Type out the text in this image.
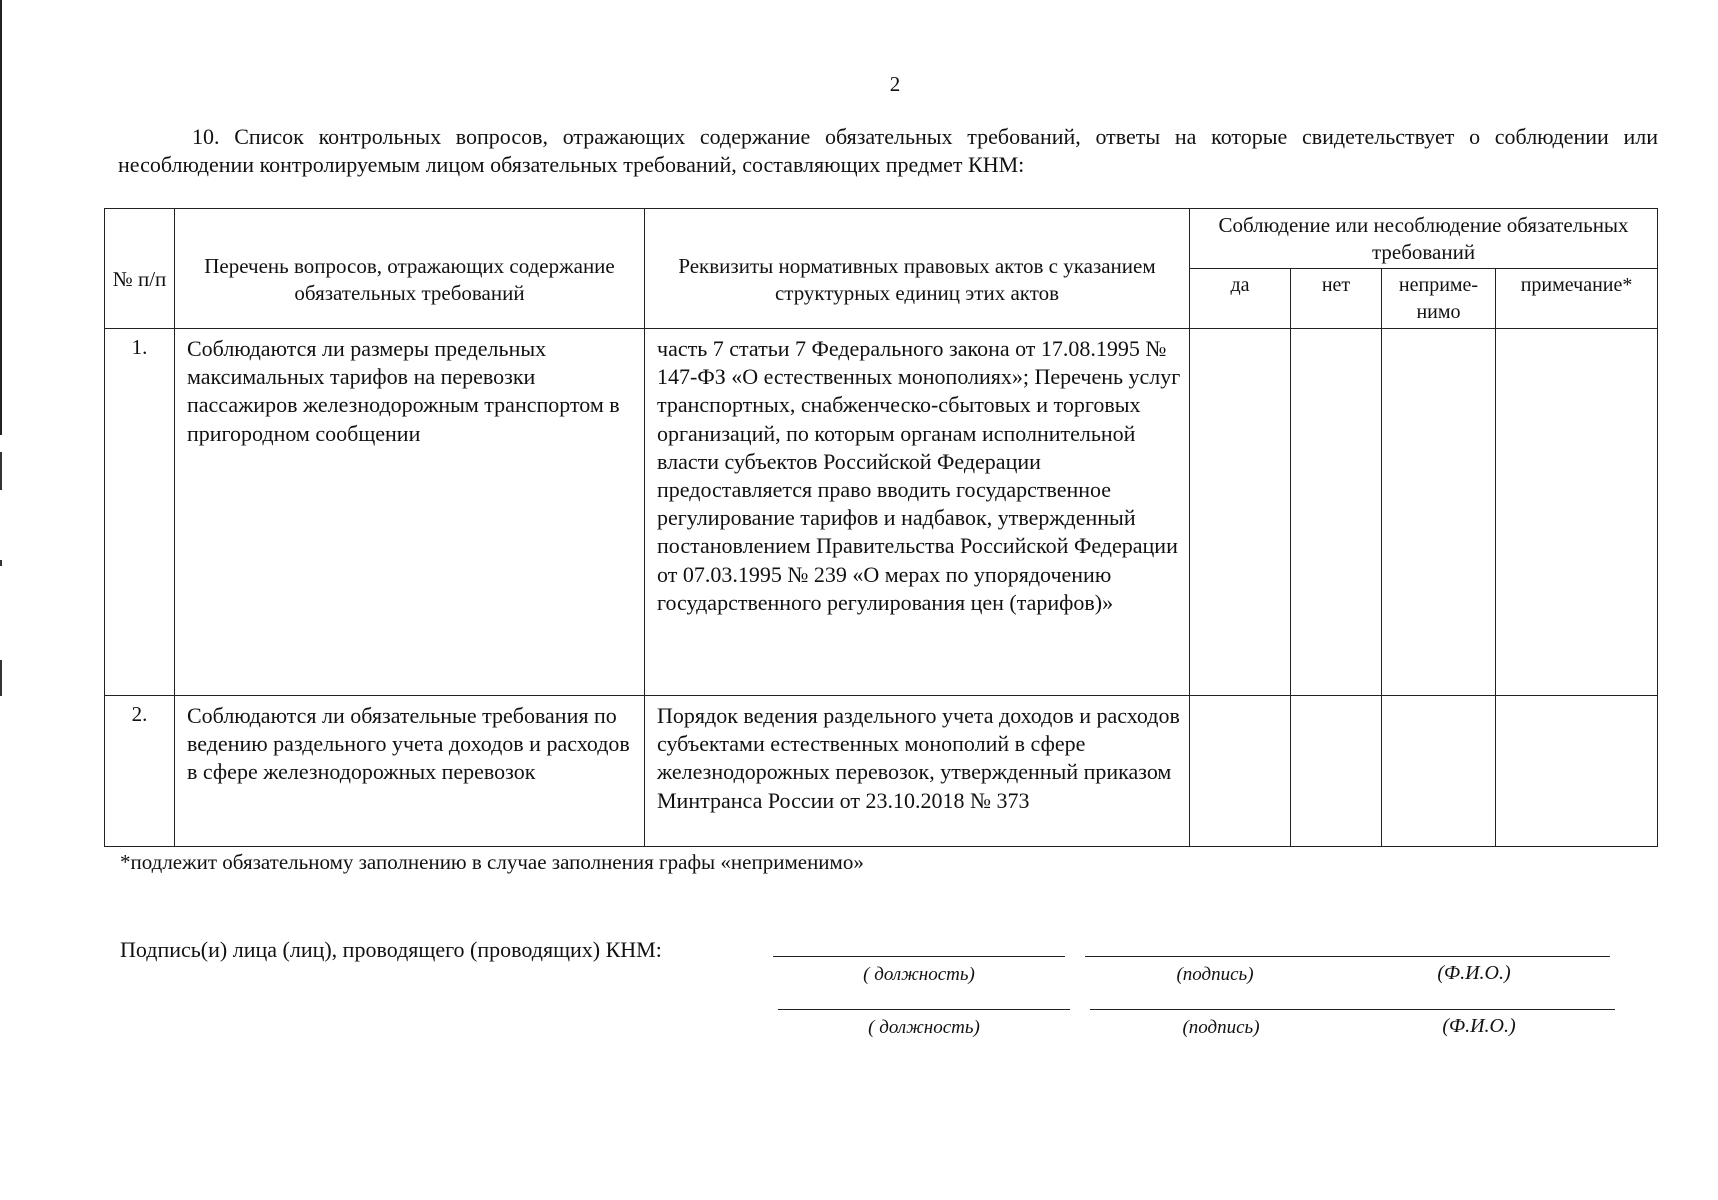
2
10. Список контрольных вопросов, отражающих содержание обязательных требований, ответы на которые свидетельствует о соблюдении или несоблюдении контролируемым лицом обязательных требований, составляющих предмет КНМ:
№ п/п	Перечень вопросов, отражающих содержание обязательных требований	Реквизиты нормативных правовых актов с указанием структурных единиц этих актов	Соблюдение или несоблюдение обязательных требований			
			да	нет	неприме-нимо	примечание*
1.	Соблюдаются ли размеры предельных максимальных тарифов на перевозки пассажиров железнодорожным транспортом в пригородном сообщении	часть 7 статьи 7 Федерального закона от 17.08.1995 № 147-ФЗ «О естественных монополиях»; Перечень услуг транспортных, снабженческо-сбытовых и торговых организаций, по которым органам исполнительной власти субъектов Российской Федерации предоставляется право вводить государственное регулирование тарифов и надбавок, утвержденный постановлением Правительства Российской Федерации от 07.03.1995 № 239 «О мерах по упорядочению государственного регулирования цен (тарифов)»				
2.	Соблюдаются ли обязательные требования по ведению раздельного учета доходов и расходов в сфере железнодорожных перевозок	Порядок ведения раздельного учета доходов и расходов субъектами естественных монополий в сфере железнодорожных перевозок, утвержденный приказом Минтранса России от 23.10.2018 № 373				
*подлежит обязательному заполнению в случае заполнения графы «неприменимо»
Подпись(и) лица (лиц), проводящего (проводящих) КНМ:
( должность)	(подпись)	(Ф.И.О.)
( должность)	(подпись)	(Ф.И.О.)
